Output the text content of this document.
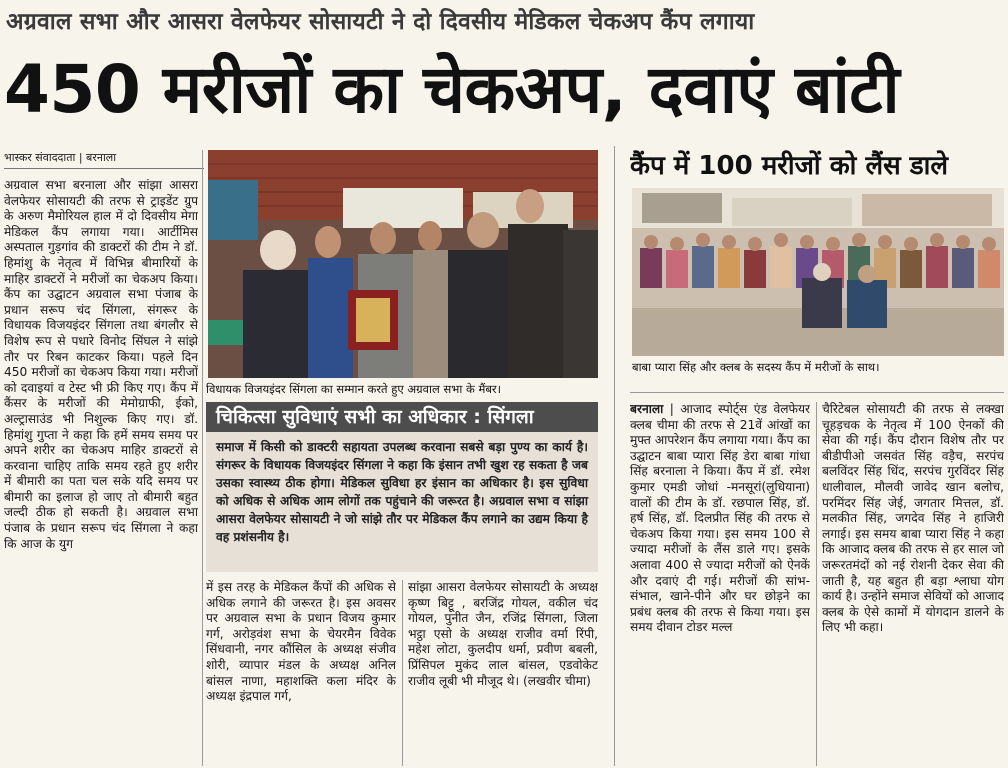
अग्रवाल सभा और आसरा वेलफेयर सोसायटी ने दो दिवसीय मेडिकल चेकअप कैंप लगाया
450 मरीजों का चेकअप, दवाएं बांटी
भास्कर संवाददाता | बरनाला
अग्रवाल सभा बरनाला और सांझा आसरा वेलफेयर सोसायटी की तरफ से ट्राइडेंट ग्रुप के अरुण मैमोरियल हाल में दो दिवसीय मेगा मेडिकल कैंप लगाया गया। आर्टीमिस अस्पताल गुड़गांव की डाक्टरों की टीम ने डॉ. हिमांशु के नेतृत्व में विभिन्न बीमारियों के माहिर डाक्टरों ने मरीजों का चेकअप किया। कैंप का उद्घाटन अग्रवाल सभा पंजाब के प्रधान सरूप चंद सिंगला, संगरूर के विधायक विजयइंदर सिंगला तथा बंगलौर से विशेष रूप से पधारे विनोद सिंघल ने सांझे तौर पर रिबन काटकर किया। पहले दिन 450 मरीजों का चेकअप किया गया। मरीजों को दवाइयां व टेस्ट भी फ्री किए गए। कैंप में कैंसर के मरीजों की मेमोग्राफी, ईको, अल्ट्रासाउंड भी निशुल्क किए गए। डॉ. हिमांशु गुप्ता ने कहा कि हमें समय समय पर अपने शरीर का चेकअप माहिर डाक्टरों से करवाना चाहिए ताकि समय रहते हुए शरीर में बीमारी का पता चल सके यदि समय पर बीमारी का इलाज हो जाए तो बीमारी बहुत जल्दी ठीक हो सकती है। अग्रवाल सभा पंजाब के प्रधान सरूप चंद सिंगला ने कहा कि आज के युग
विधायक विजयइंदर सिंगला का सम्मान करते हुए अग्रवाल सभा के मैंबर।
चिकित्सा सुविधाएं सभी का अधिकार : सिंगला
समाज में किसी को डाक्टरी सहायता उपलब्ध करवाना सबसे बड़ा पुण्य का कार्य है। संगरूर के विधायक विजयइंदर सिंगला ने कहा कि इंसान तभी खुश रह सकता है जब उसका स्वास्थ्य ठीक होगा। मेडिकल सुविधा हर इंसान का अधिकार है। इस सुविधा को अधिक से अधिक आम लोगों तक पहुंचाने की जरूरत है। अग्रवाल सभा व सांझा आसरा वेलफेयर सोसायटी ने जो सांझे तौर पर मेडिकल कैंप लगाने का उद्यम किया है वह प्रशंसनीय है।
में इस तरह के मेडिकल कैंपों की अधिक से अधिक लगाने की जरूरत है। इस अवसर पर अग्रवाल सभा के प्रधान विजय कुमार गर्ग, अरोड़वंश सभा के चेयरमैन विवेक सिंधवानी, नगर कौंसिल के अध्यक्ष संजीव शोरी, व्यापार मंडल के अध्यक्ष अनिल बांसल नाणा, महाशक्ति कला मंदिर के अध्यक्ष इंद्रपाल गर्ग,
सांझा आसरा वेलफेयर सोसायटी के अध्यक्ष कृष्ण बिट्टू , बरजिंद्र गोयल, वकील चंद गोयल, पुनीत जैन, रजिंद्र सिंगला, जिला भट्ठा एसो के अध्यक्ष राजीव वर्मा रिंपी, महेश लोटा, कुलदीप धर्मा, प्रवीण बबली, प्रिंसिपल मुकंद लाल बांसल, एडवोकेट राजीव लूबी भी मौजूद थे। (लखवीर चीमा)
कैंप में 100 मरीजों को लैंस डाले
बाबा प्यारा सिंह और क्लब के सदस्य कैंप में मरीजों के साथ।
बरनाला | आजाद स्पोर्ट्स एंड वेलफेयर क्लब चीमा की तरफ से 21वें आंखों का मुफ्त आपरेशन कैंप लगाया गया। कैंप का उद्घाटन बाबा प्यारा सिंह डेरा बाबा गांधा सिंह बरनाला ने किया। कैंप में डॉ. रमेश कुमार एमडी जोधां -मनसूरां(लुधियाना) वालों की टीम के डॉ. रछपाल सिंह, डॉ. हर्ष सिंह, डॉ. दिलप्रीत सिंह की तरफ से चेकअप किया गया। इस समय 100 से ज्यादा मरीजों के लैंस डाले गए। इसके अलावा 400 से ज्यादा मरीजों को ऐनकें और दवाएं दी गई। मरीजों की सांभ-संभाल, खाने-पीने और घर छोड़ने का प्रबंध क्लब की तरफ से किया गया। इस समय दीवान टोडर मल्ल
चैरिटेबल सोसायटी की तरफ से लक्खा चूहड़चक के नेतृत्व में 100 ऐनकों की सेवा की गई। कैंप दौरान विशेष तौर पर बीडीपीओ जसवंत सिंह वड़ैच, सरपंच बलविंदर सिंह धिंद, सरपंच गुरविंदर सिंह धालीवाल, मौलवी जावेद खान बलोच, परमिंदर सिंह जेई, जगतार मित्तल, डॉ. मलकीत सिंह, जगदेव सिंह ने हाजिरी लगाई। इस समय बाबा प्यारा सिंह ने कहा कि आजाद क्लब की तरफ से हर साल जो जरूरतमंदों को नई रोशनी देकर सेवा की जाती है, यह बहुत ही बड़ा श्लाघा योग कार्य है। उन्होंने समाज सेवियों को आजाद क्लब के ऐसे कामों में योगदान डालने के लिए भी कहा।
